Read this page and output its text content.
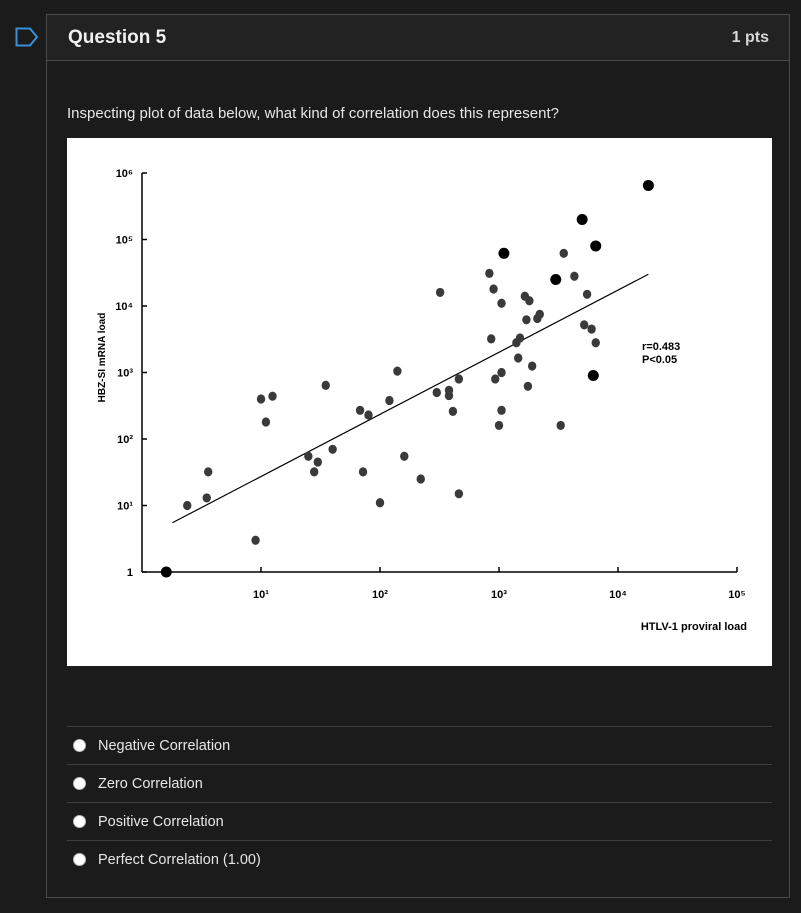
Question 5	1 pts
Inspecting plot of data below, what kind of correlation does this represent?
1
10¹
10²
10³
10⁴
10⁵
10⁶
10¹	10²	10³	10⁴	10⁵
HTLV-1 proviral load
HBZ-SI mRNA load	r=0.483
P<0.05
Negative Correlation
Zero Correlation
Positive Correlation
Perfect Correlation (1.00)
